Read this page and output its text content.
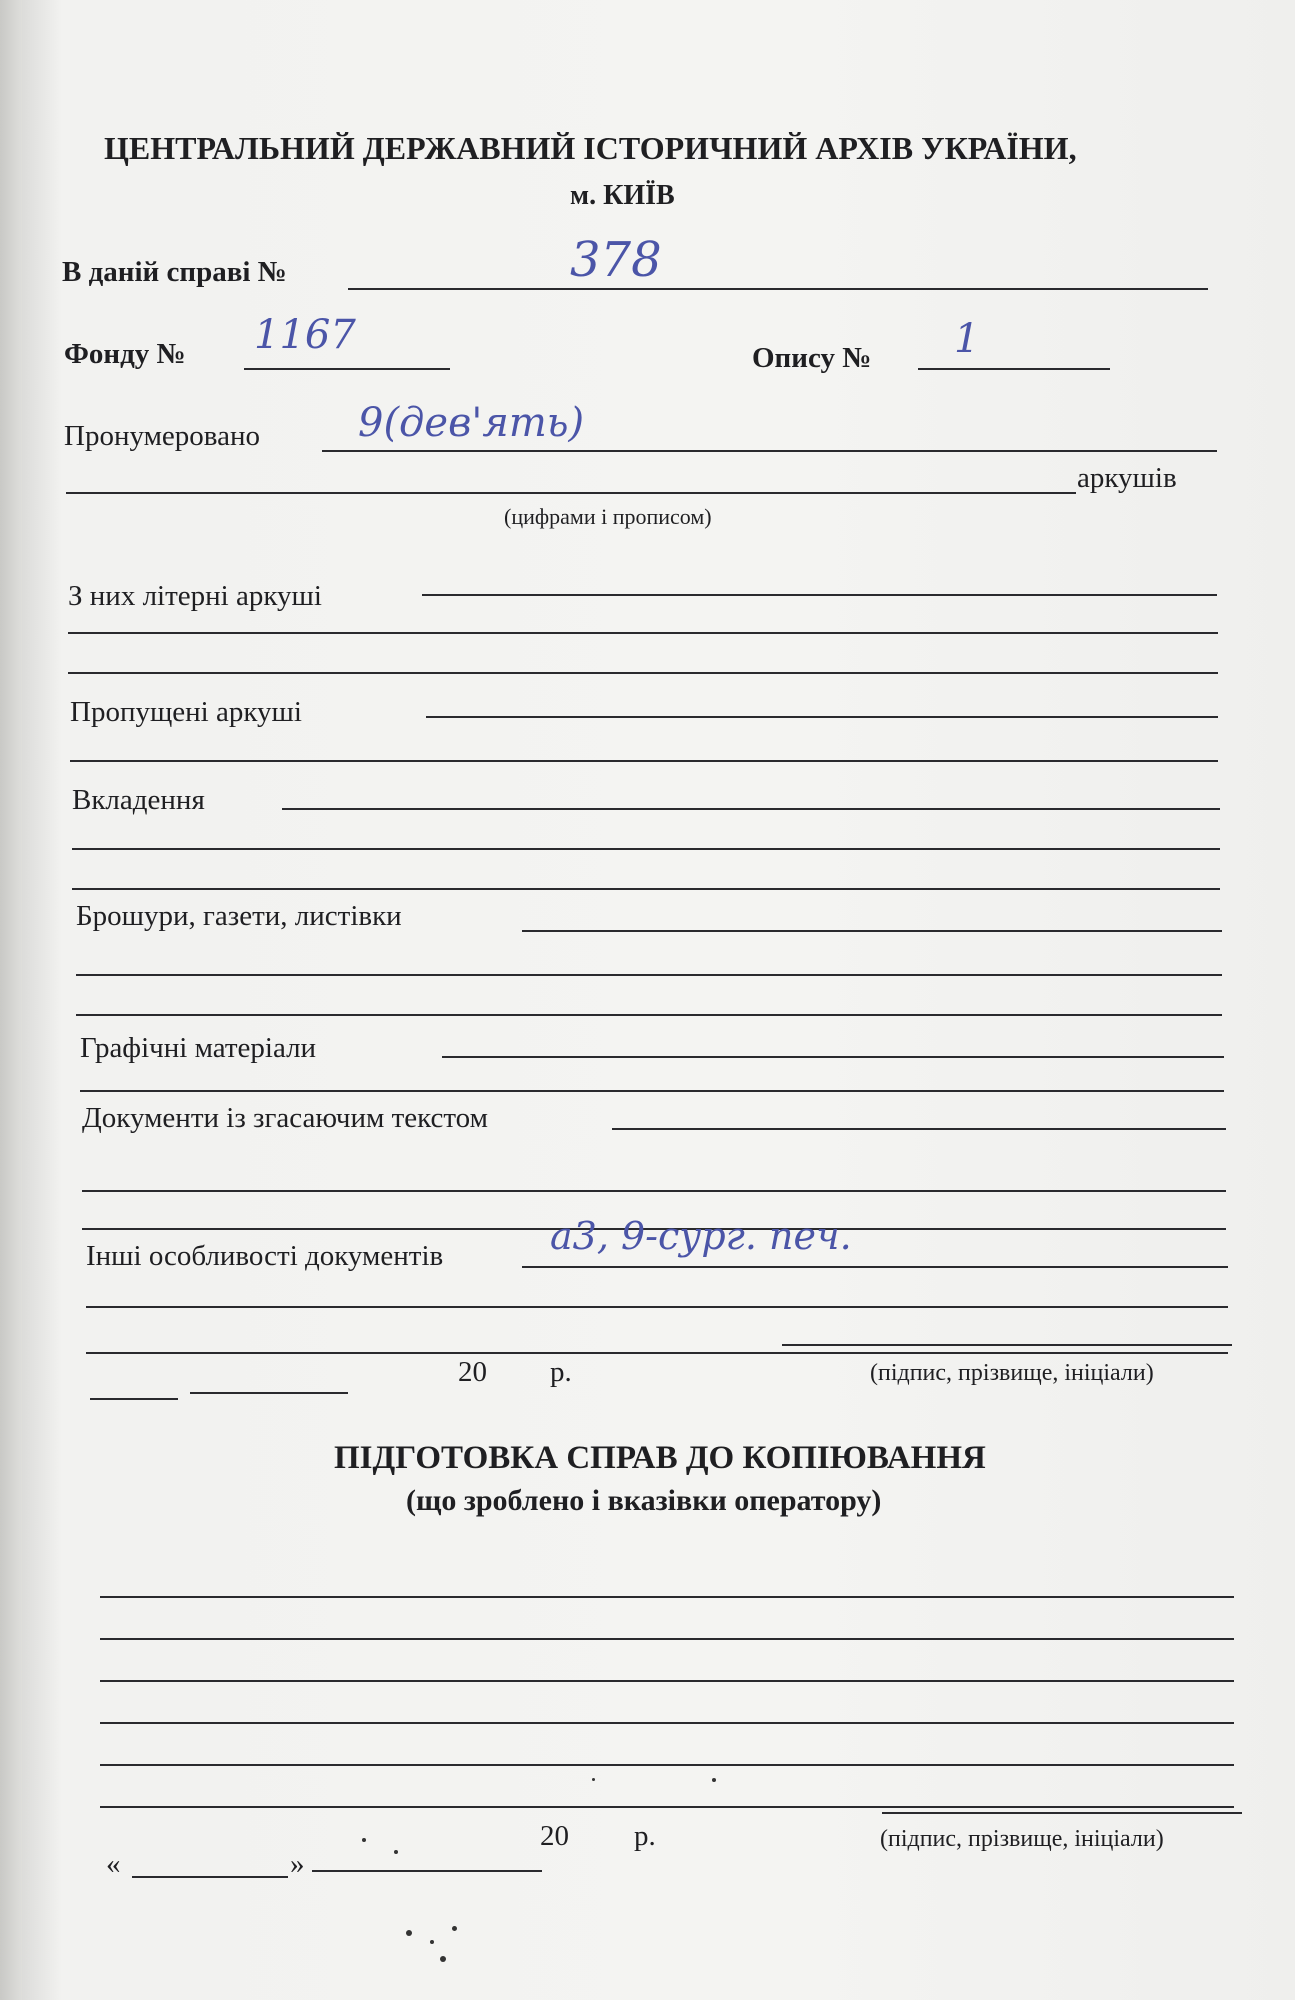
ЦЕНТРАЛЬНИЙ ДЕРЖАВНИЙ ІСТОРИЧНИЙ АРХІВ УКРАЇНИ,
м. КИЇВ
В даній справі №	378
Фонду № 1167	Опису № 1
Пронумеровано 9(дев'ять)
аркушів
(цифрами і прописом)
З них літерні аркуші
Пропущені аркуші
Вкладення
Брошури, газети, листівки
Графічні матеріали
Документи із згасаючим текстом
Інші особливості документів	а3, 9-сург. печ.
20 р.	(підпис, прізвище, ініціали)
ПІДГОТОВКА СПРАВ ДО КОПІЮВАННЯ
(що зроблено і вказівки оператору)
«	»
20 р.	(підпис, прізвище, ініціали)
